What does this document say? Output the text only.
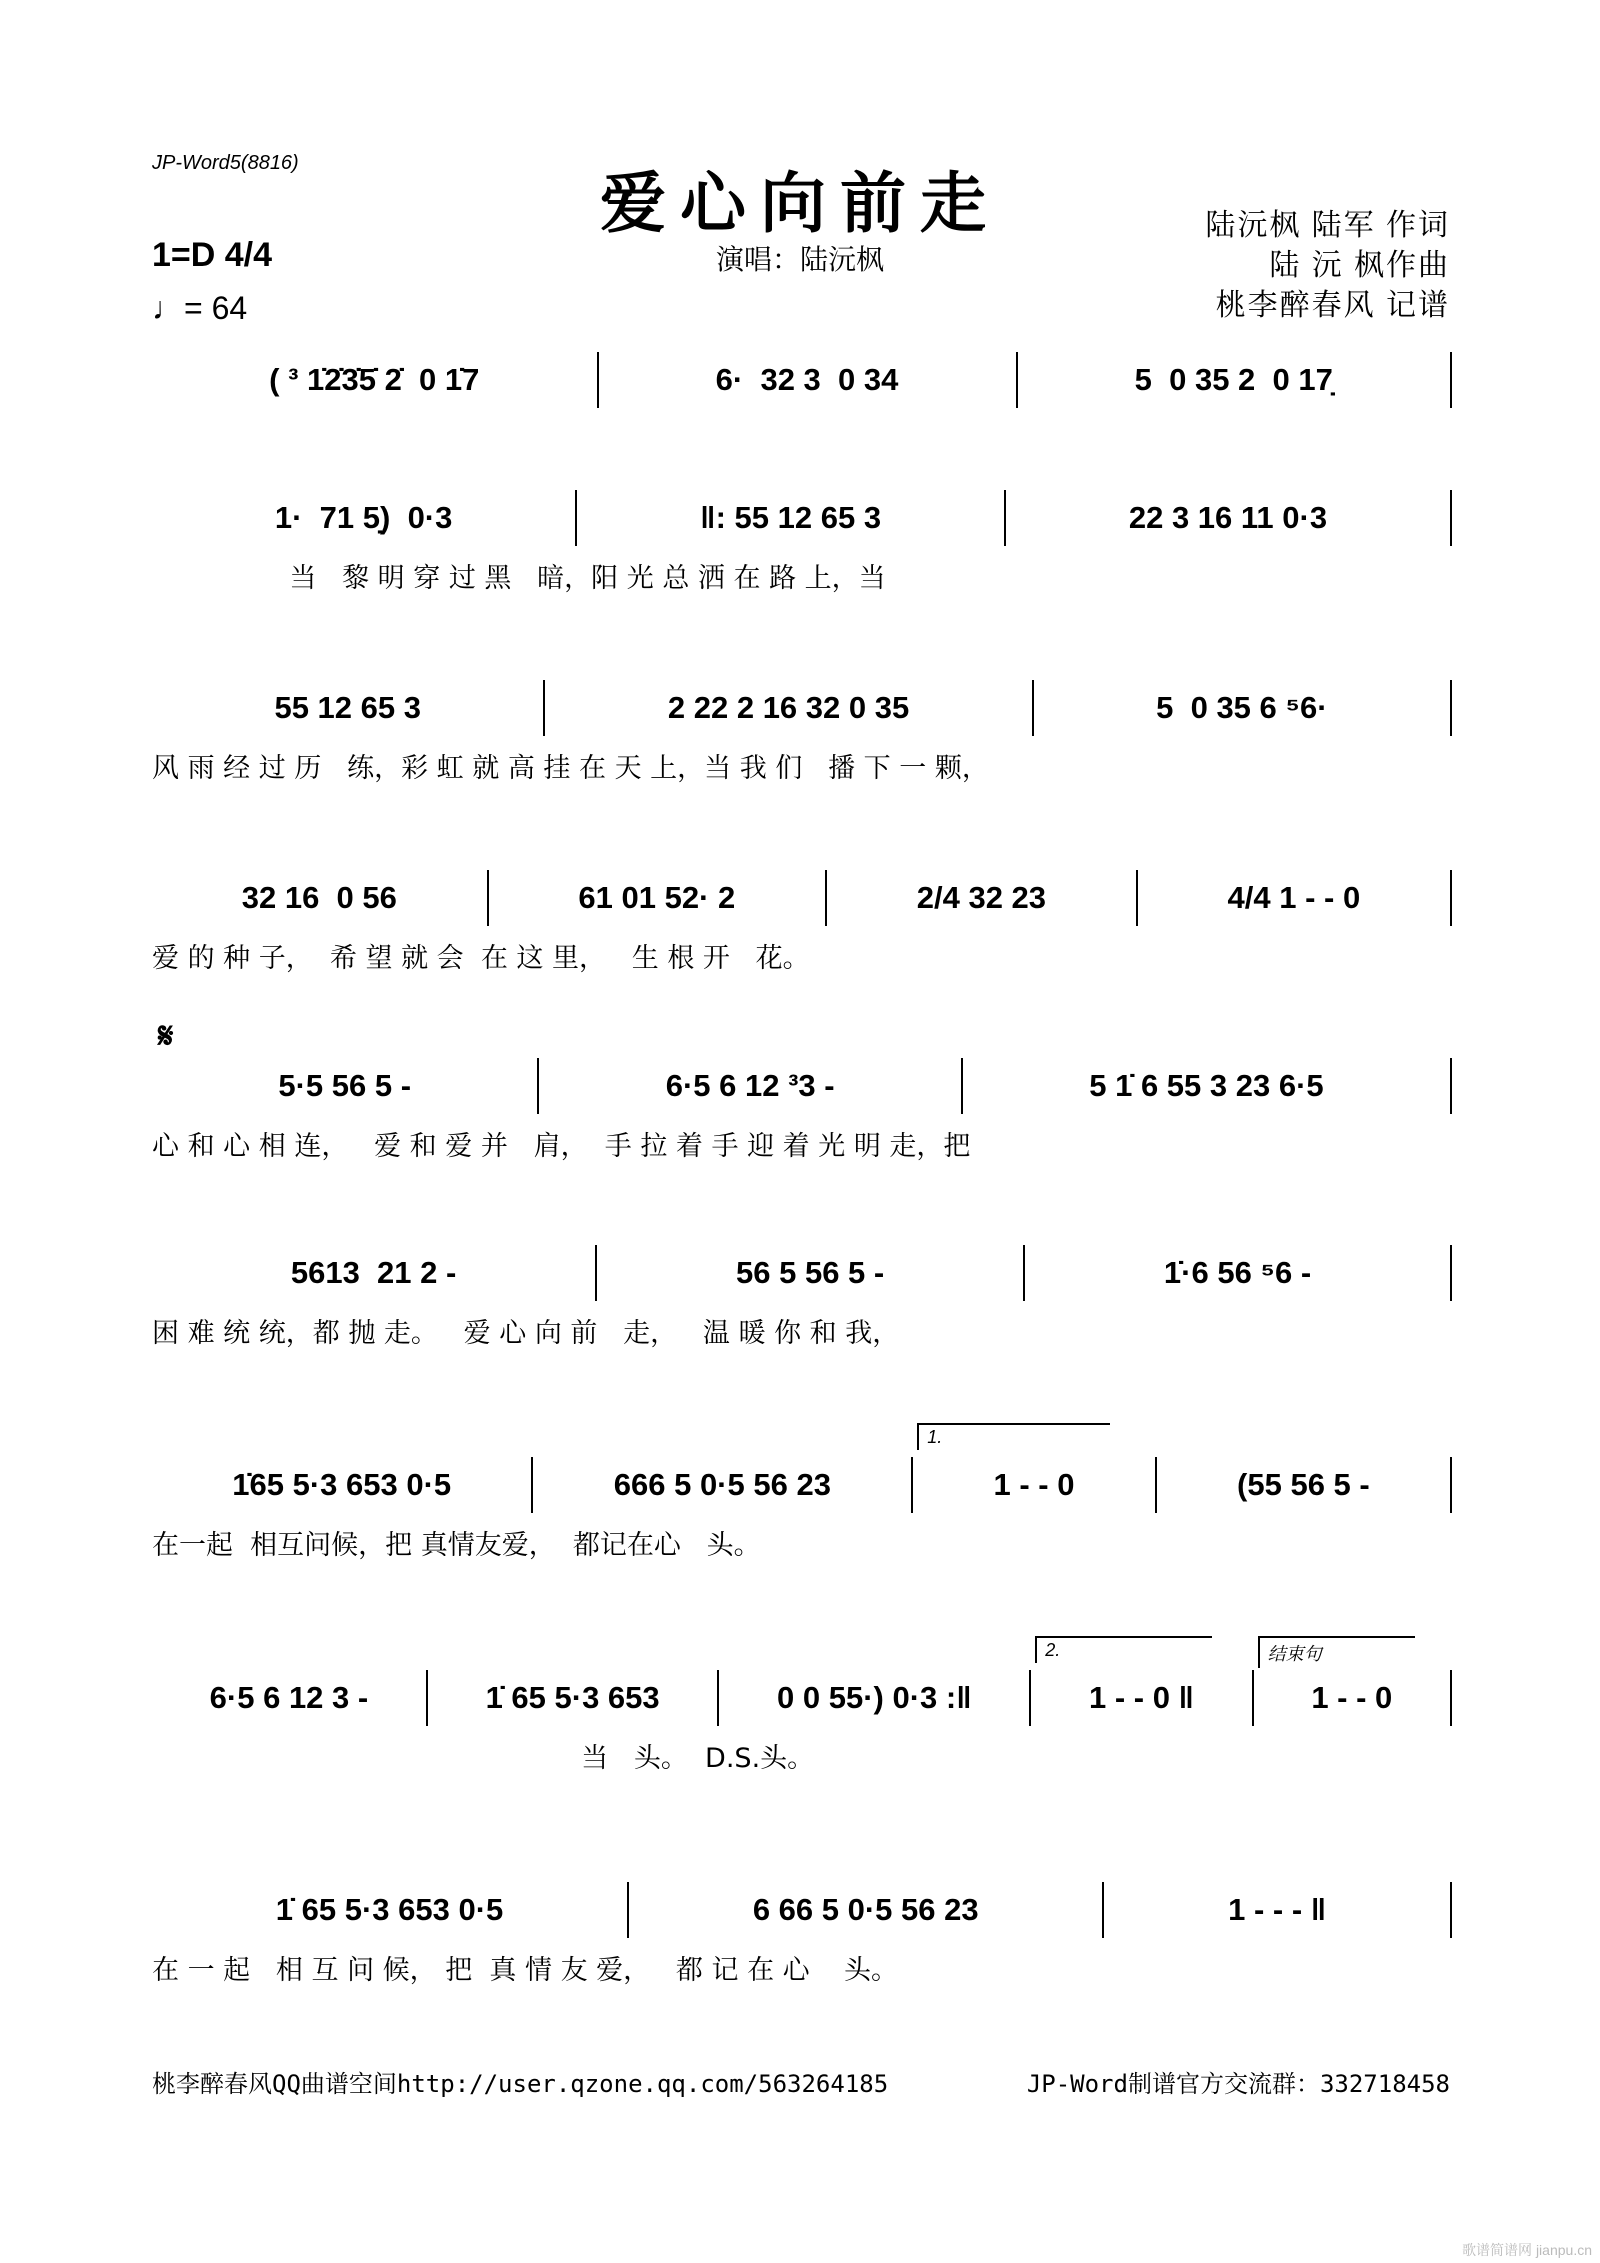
JP-Word5(8816)
爱心向前走
演唱：陆沅枫
陆沅枫 陆军 作词
陆 沅 枫作曲
桃李醉春风 记谱
1=D 4/4
♩= 64
𝄋
( ³ 1̇2̇3̇5̇ 2̇  0 1̇7	6·  32 3  0 34	5  0 35 2  0 17̣
1·  71 5̣)  0·3	‖: 55 12 65 3	22 3 16 11 0·3
当   黎 明 穿 过 黑   暗，阳 光 总 洒 在 路 上，当
55 12 65 3	2 22 2 16 32 0 35	5  0 35 6 ⁵6·
风 雨 经 过 历   练，彩 虹 就 高 挂 在 天 上，当 我 们   播 下 一 颗，
32 16  0 56	61 01 52· 2	2/4 32 23	4/4 1 - - 0
爱 的 种 子，  希 望 就 会  在 这 里，   生 根 开   花。
5·5 56 5 -	6·5 6 12 ³3 -	5 1̇ 6 55 3 23 6·5
心 和 心 相 连，   爱 和 爱 并   肩，  手 拉 着 手 迎 着 光 明 走，把
5613  21 2 -	56 5 56 5 -	1̇·6 56 ⁵6 -
困 难 统 统，都 抛 走。   爱 心 向 前   走，   温 暖 你 和 我，
1̇65 5·3 653 0·5	666 5 0·5 56 23	1 - - 0
1.
(55 56 5 -
在一起  相互问候，把 真情友爱，  都记在心   头。
6·5 6 12 3 -	1̇ 65 5·3 653	0 0 55·) 0·3 :‖	1 - - 0 ‖
2.
1 - - 0
结束句
当   头。  D.S.头。
1̇ 65 5·3 653 0·5	6 66 5 0·5 56 23	1 - - - ‖
在 一 起   相 互 问 候， 把  真 情 友 爱，   都 记 在 心    头。
桃李醉春风QQ曲谱空间http://user.qzone.qq.com/563264185	JP-Word制谱官方交流群：332718458
歌谱简谱网 jianpu.cn
